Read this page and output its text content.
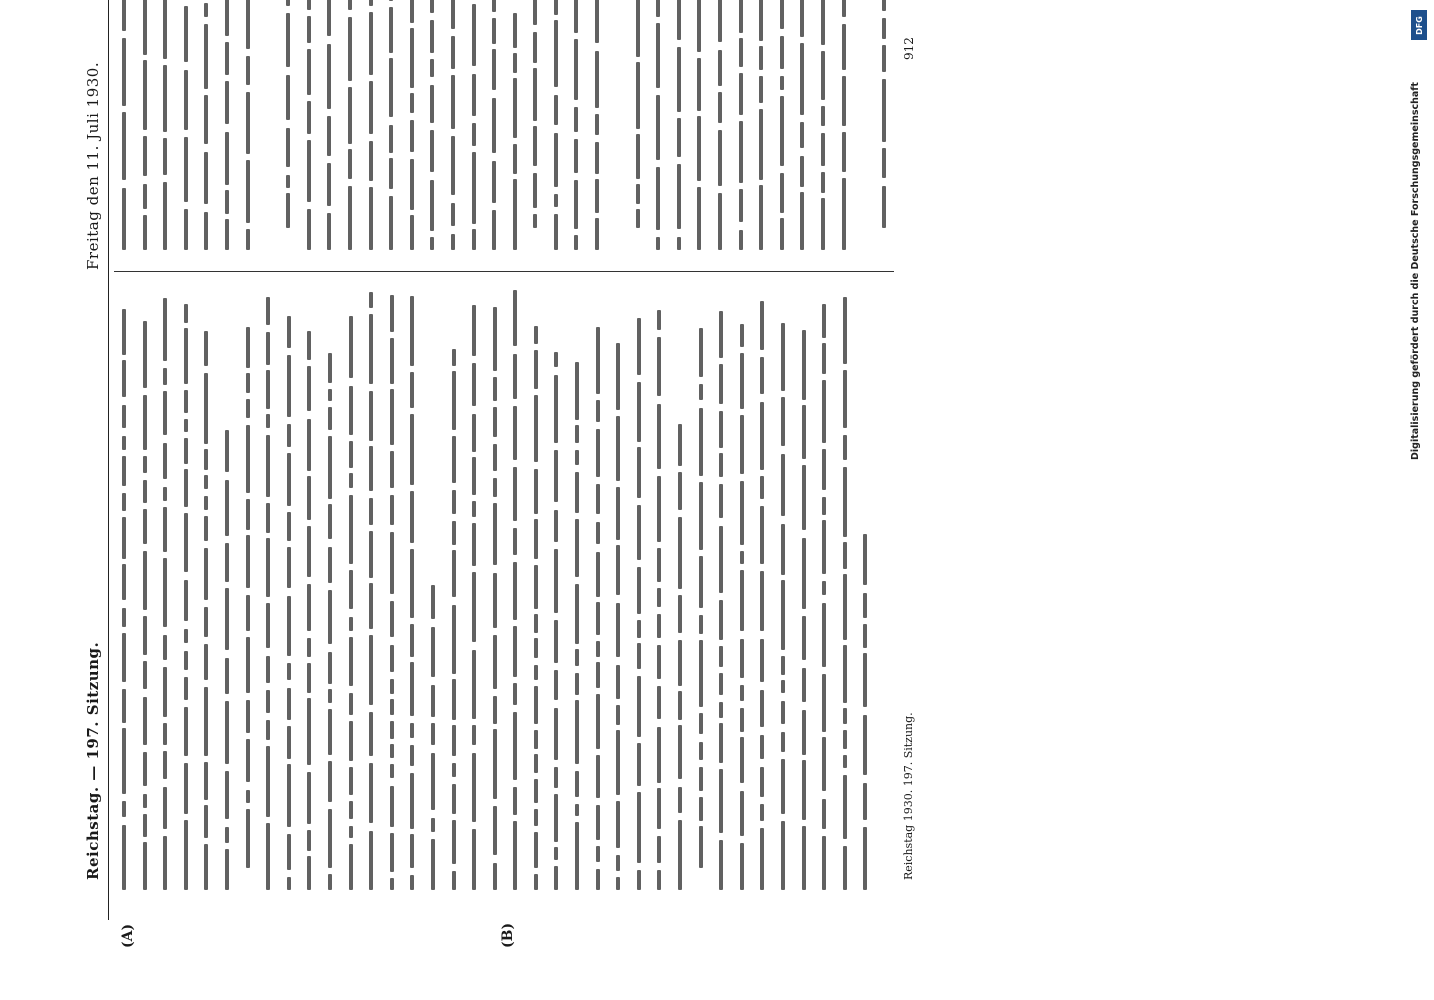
Reichstag. — 197. Sitzung.
Freitag den 11. Juli 1930.
(A)	(B)
Reichstag 1930. 197. Sitzung.
912
DFG
Digitalisierung gefördert durch die Deutsche Forschungsgemeinschaft
